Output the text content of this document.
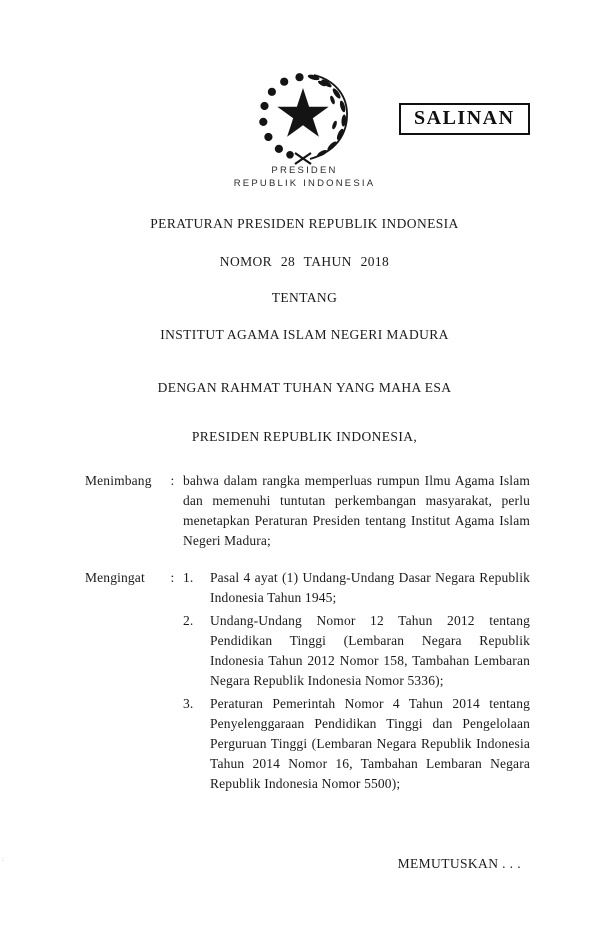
SALINAN
PRESIDEN
REPUBLIK INDONESIA
PERATURAN PRESIDEN REPUBLIK INDONESIA
NOMOR 28 TAHUN 2018
TENTANG
INSTITUT AGAMA ISLAM NEGERI MADURA
DENGAN RAHMAT TUHAN YANG MAHA ESA
PRESIDEN REPUBLIK INDONESIA,
Menimbang	: bahwa dalam rangka memperluas rumpun Ilmu Agama Islam dan memenuhi tuntutan perkembangan masyarakat, perlu menetapkan Peraturan Presiden tentang Institut Agama Islam Negeri Madura;
Mengingat	: 1.	Pasal 4 ayat (1) Undang-Undang Dasar Negara Republik Indonesia Tahun 1945;
2.	Undang-Undang Nomor 12 Tahun 2012 tentang Pendidikan Tinggi (Lembaran Negara Republik Indonesia Tahun 2012 Nomor 158, Tambahan Lembaran Negara Republik Indonesia Nomor 5336);
3.	Peraturan Pemerintah Nomor 4 Tahun 2014 tentang Penyelenggaraan Pendidikan Tinggi dan Pengelolaan Perguruan Tinggi (Lembaran Negara Republik Indonesia Tahun 2014 Nomor 16, Tambahan Lembaran Negara Republik Indonesia Nomor 5500);
MEMUTUSKAN . . .
:
